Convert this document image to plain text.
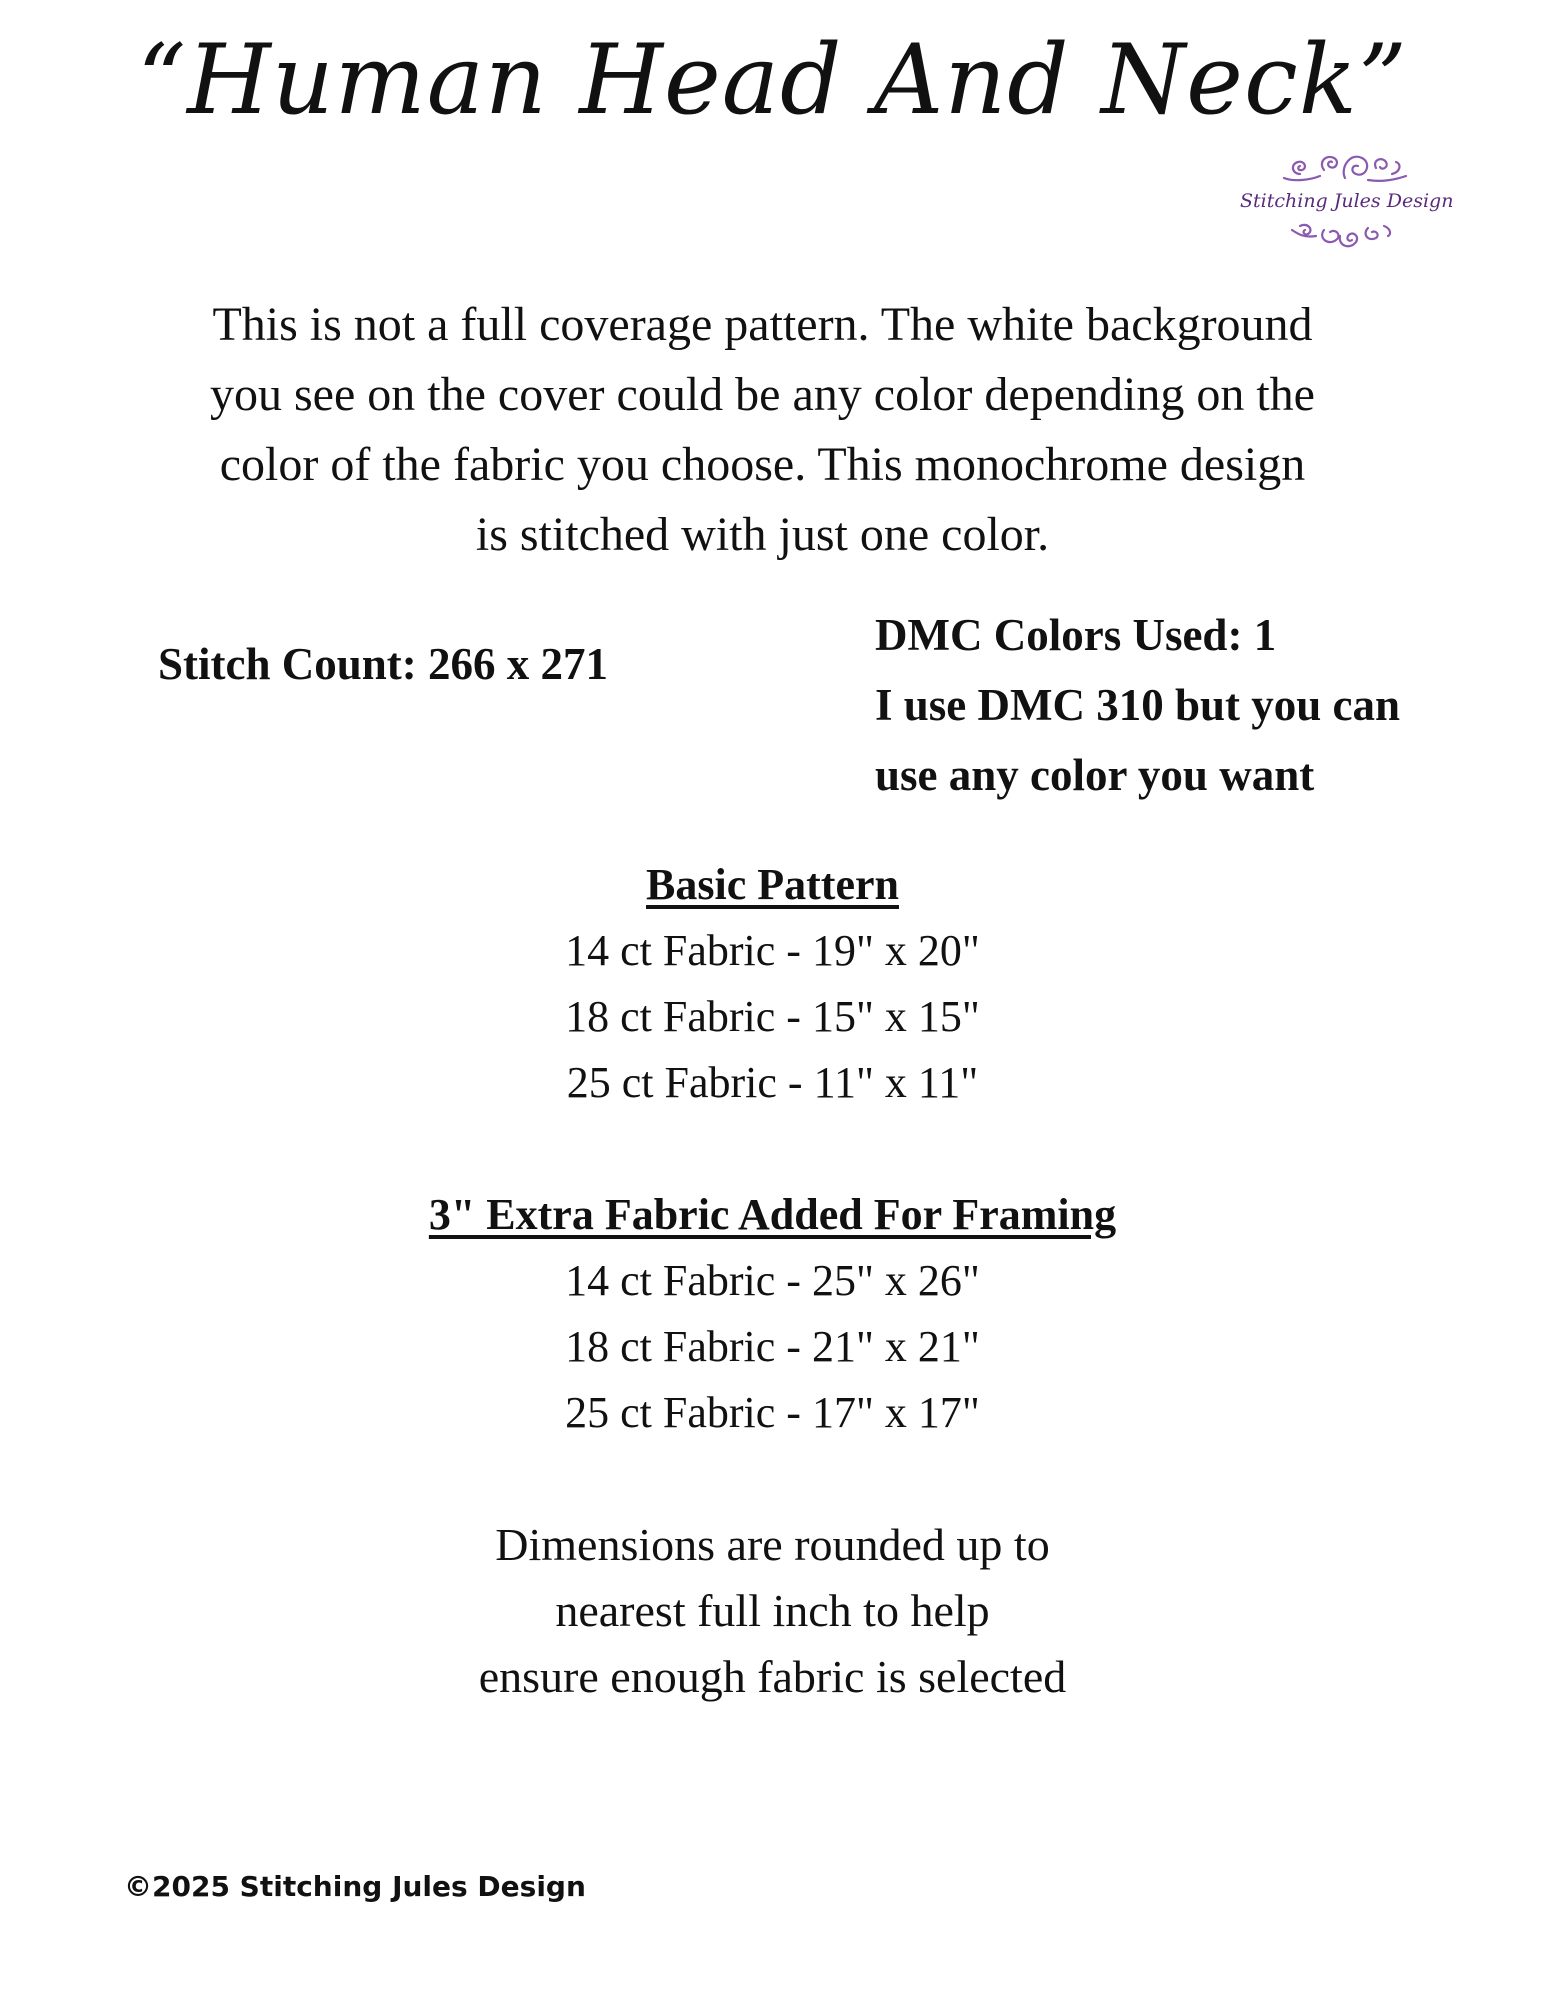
“Human Head And Neck”
Stitching Jules Design
This is not a full coverage pattern. The white background
you see on the cover could be any color depending on the
color of the fabric you choose. This monochrome design
is stitched with just one color.
Stitch Count: 266 x 271
DMC Colors Used: 1
I use DMC 310 but you can
use any color you want
Basic Pattern
14 ct Fabric - 19" x 20"
18 ct Fabric - 15" x 15"
25 ct Fabric - 11" x 11"
3" Extra Fabric Added For Framing
14 ct Fabric - 25" x 26"
18 ct Fabric - 21" x 21"
25 ct Fabric - 17" x 17"
Dimensions are rounded up to
nearest full inch to help
ensure enough fabric is selected
©2025 Stitching Jules Design
